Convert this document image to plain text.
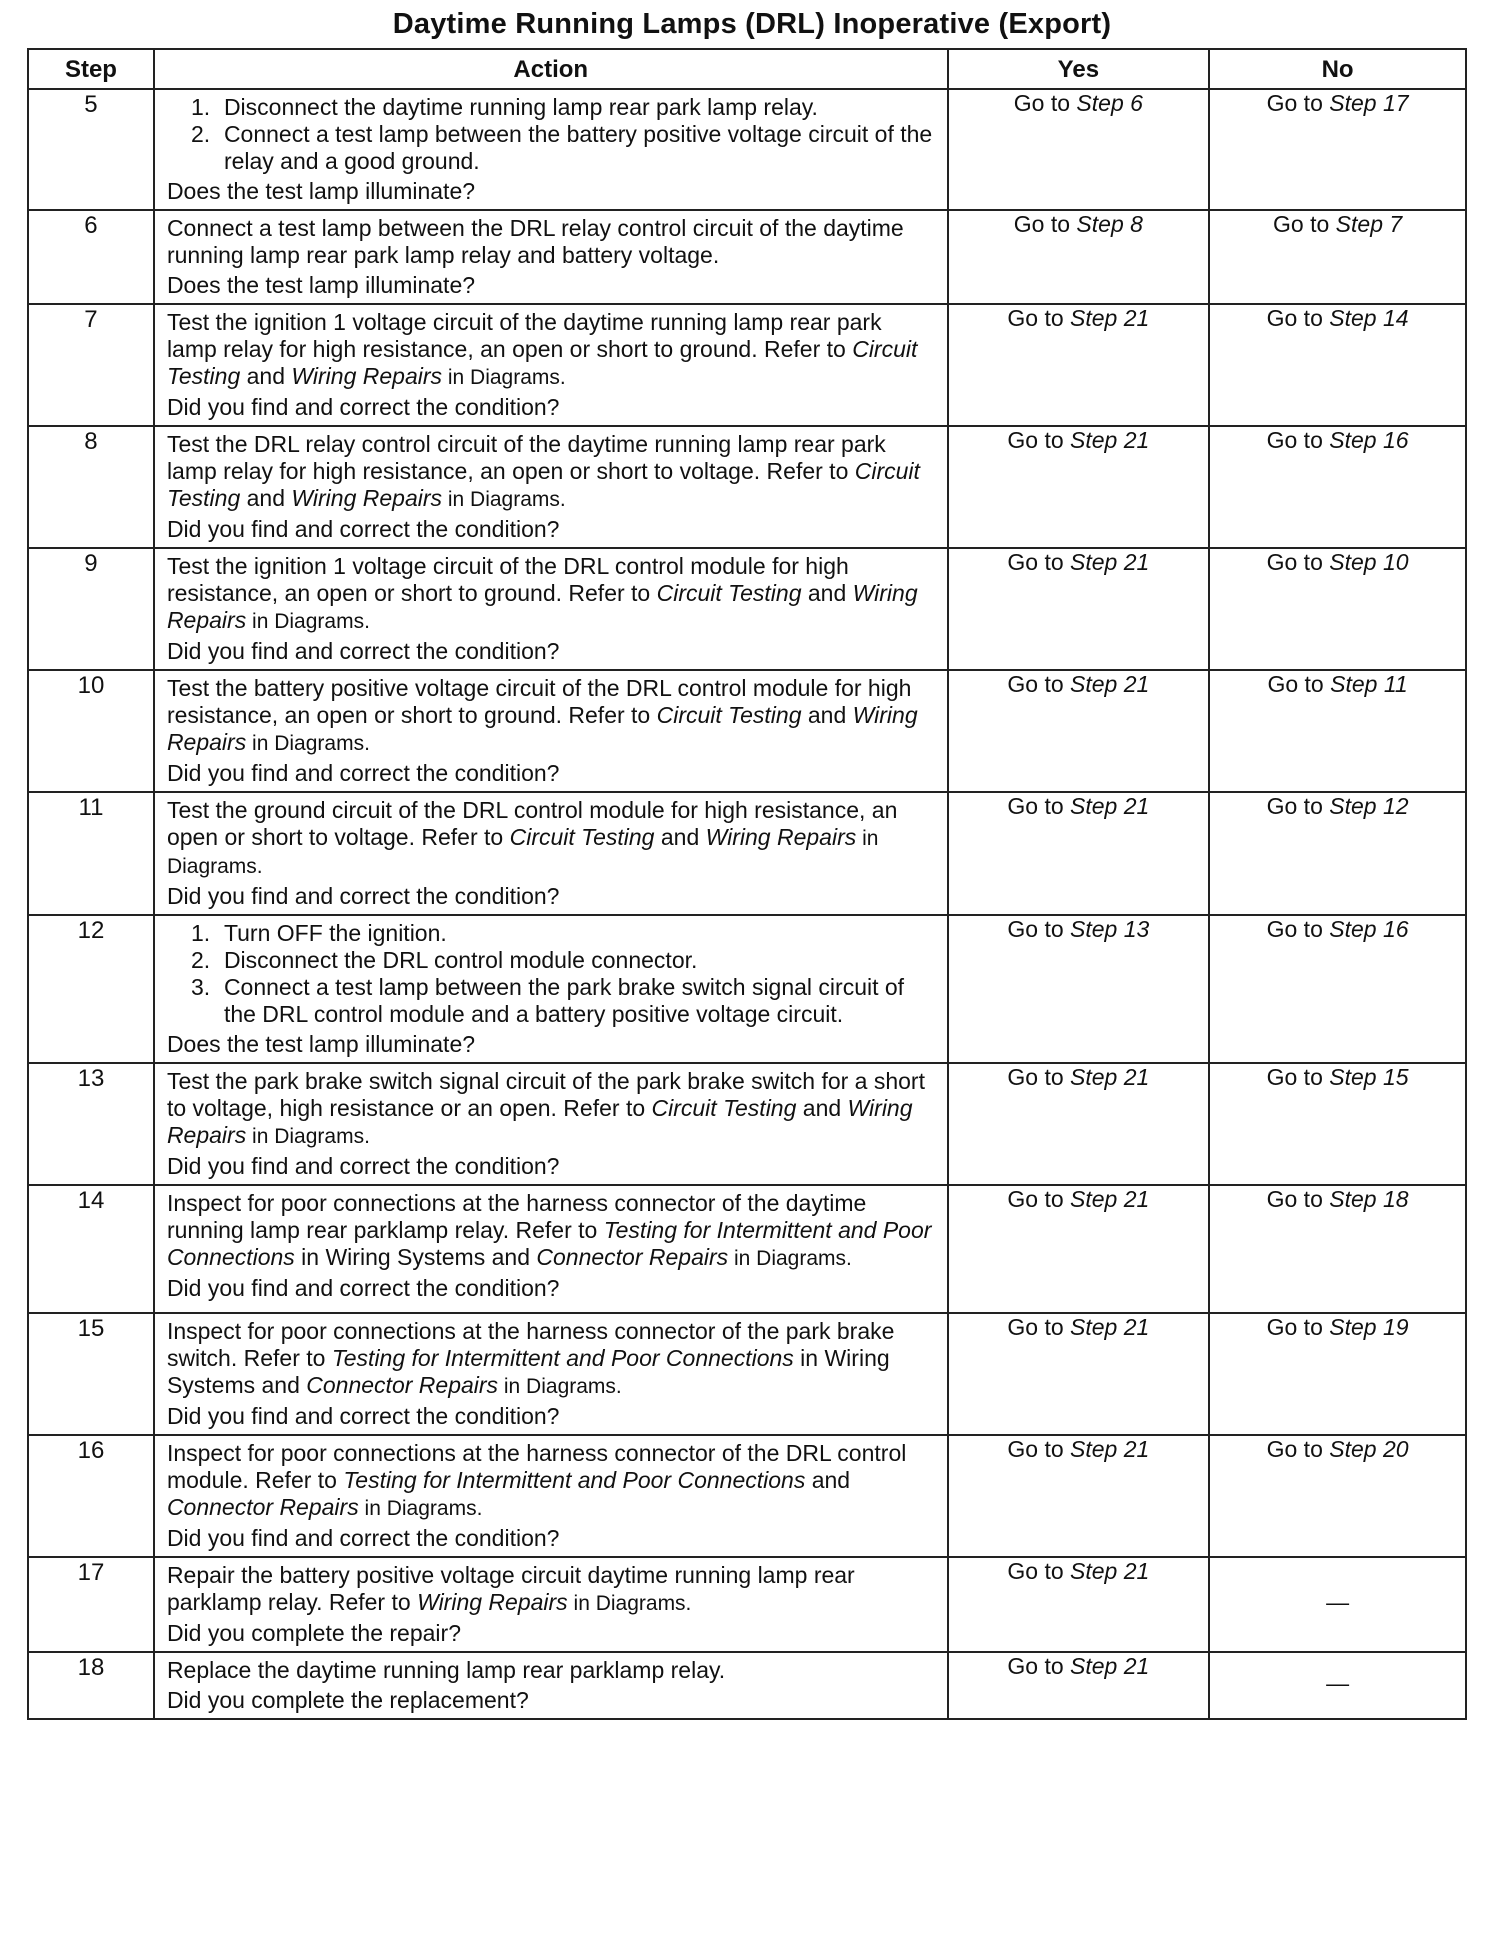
Daytime Running Lamps (DRL) Inoperative (Export)
Step	Action	Yes	No
5	1. Disconnect the daytime running lamp rear park lamp relay.
2. Connect a test lamp between the battery positive voltage circuit of the relay and a good ground.
Does the test lamp illuminate?	Go to Step 6	Go to Step 17
6	Connect a test lamp between the DRL relay control circuit of the daytime running lamp rear park lamp relay and battery voltage.
Does the test lamp illuminate?	Go to Step 8	Go to Step 7
7	Test the ignition 1 voltage circuit of the daytime running lamp rear park lamp relay for high resistance, an open or short to ground. Refer to Circuit Testing and Wiring Repairs in Diagrams.
Did you find and correct the condition?	Go to Step 21	Go to Step 14
8	Test the DRL relay control circuit of the daytime running lamp rear park lamp relay for high resistance, an open or short to voltage. Refer to Circuit Testing and Wiring Repairs in Diagrams.
Did you find and correct the condition?	Go to Step 21	Go to Step 16
9	Test the ignition 1 voltage circuit of the DRL control module for high resistance, an open or short to ground. Refer to Circuit Testing and Wiring Repairs in Diagrams.
Did you find and correct the condition?	Go to Step 21	Go to Step 10
10	Test the battery positive voltage circuit of the DRL control module for high resistance, an open or short to ground. Refer to Circuit Testing and Wiring Repairs in Diagrams.
Did you find and correct the condition?	Go to Step 21	Go to Step 11
11	Test the ground circuit of the DRL control module for high resistance, an open or short to voltage. Refer to Circuit Testing and Wiring Repairs in Diagrams.
Did you find and correct the condition?	Go to Step 21	Go to Step 12
12	1. Turn OFF the ignition.
2. Disconnect the DRL control module connector.
3. Connect a test lamp between the park brake switch signal circuit of the DRL control module and a battery positive voltage circuit.
Does the test lamp illuminate?	Go to Step 13	Go to Step 16
13	Test the park brake switch signal circuit of the park brake switch for a short to voltage, high resistance or an open. Refer to Circuit Testing and Wiring Repairs in Diagrams.
Did you find and correct the condition?	Go to Step 21	Go to Step 15
14	Inspect for poor connections at the harness connector of the daytime running lamp rear parklamp relay. Refer to Testing for Intermittent and Poor Connections in Wiring Systems and Connector Repairs in Diagrams.
Did you find and correct the condition?	Go to Step 21	Go to Step 18
15	Inspect for poor connections at the harness connector of the park brake switch. Refer to Testing for Intermittent and Poor Connections in Wiring Systems and Connector Repairs in Diagrams.
Did you find and correct the condition?	Go to Step 21	Go to Step 19
16	Inspect for poor connections at the harness connector of the DRL control module. Refer to Testing for Intermittent and Poor Connections and Connector Repairs in Diagrams.
Did you find and correct the condition?	Go to Step 21	Go to Step 20
17	Repair the battery positive voltage circuit daytime running lamp rear parklamp relay. Refer to Wiring Repairs in Diagrams.
Did you complete the repair?	Go to Step 21	—
18	Replace the daytime running lamp rear parklamp relay.
Did you complete the replacement?	Go to Step 21	—
